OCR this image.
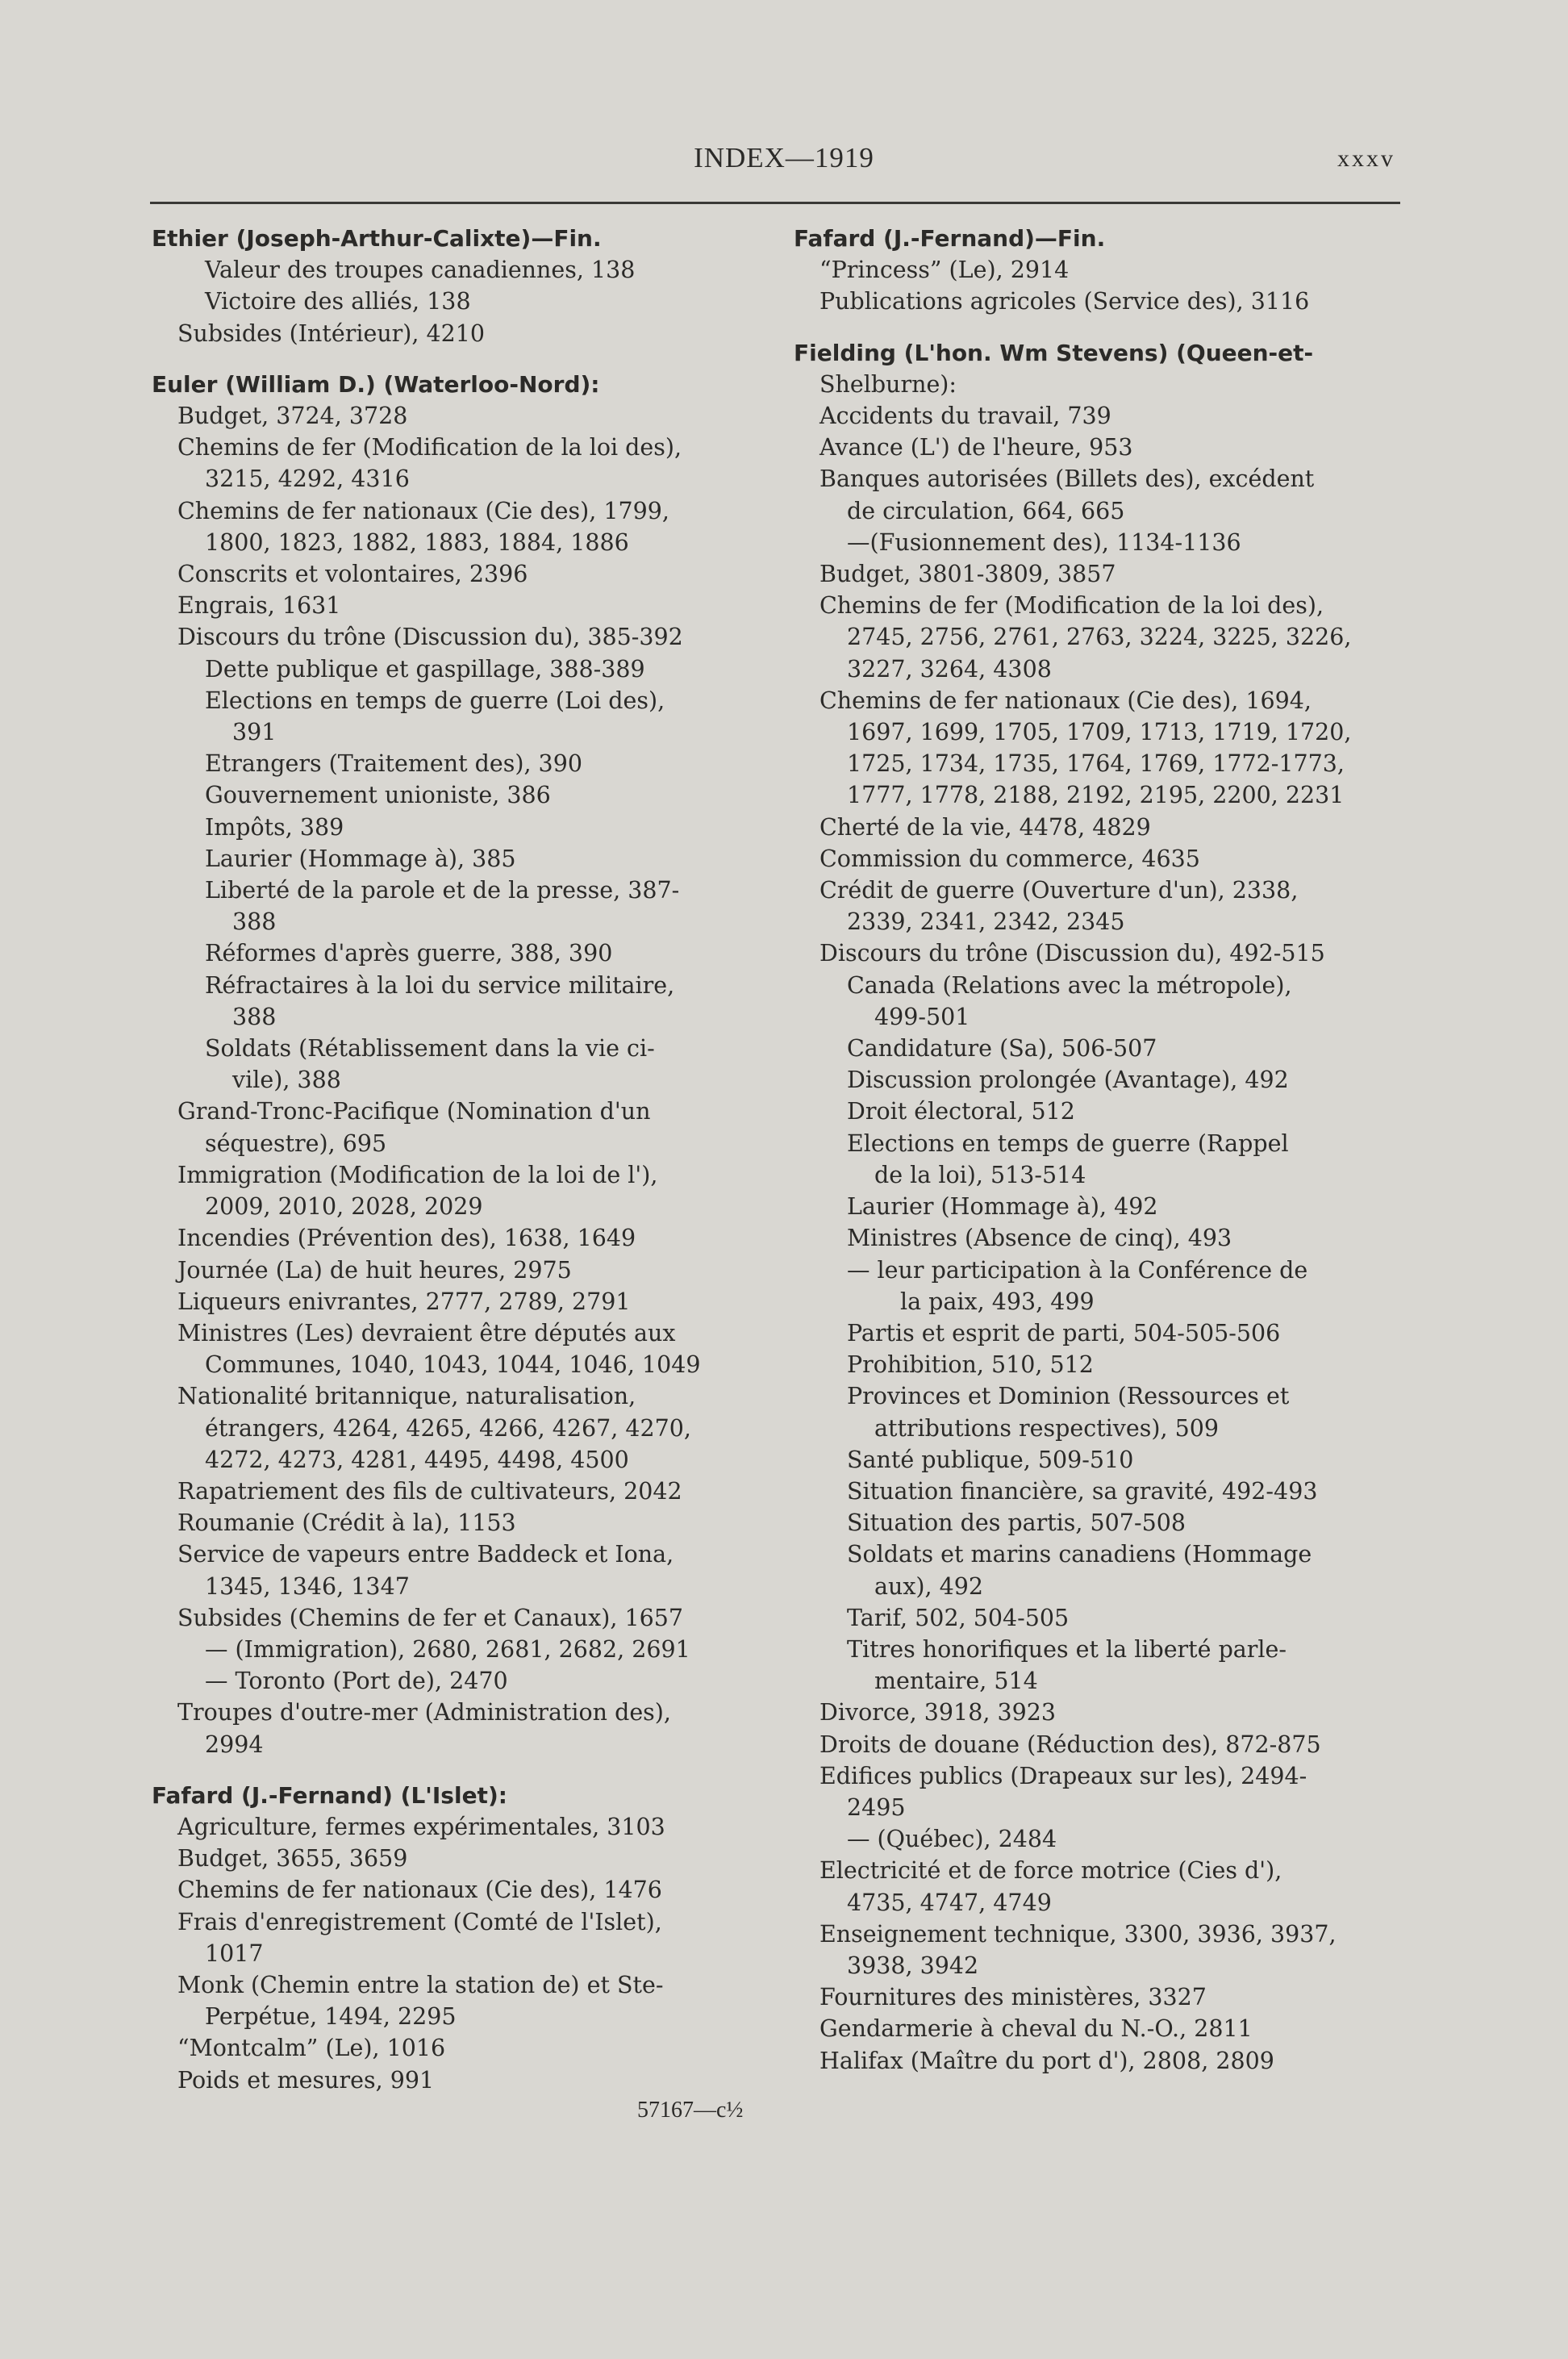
INDEX—1919	xxxv
Ethier (Joseph-Arthur-Calixte)—Fin.
Valeur des troupes canadiennes, 138
Victoire des alliés, 138
Subsides (Intérieur), 4210
Euler (William D.) (Waterloo-Nord):
Budget, 3724, 3728
Chemins de fer (Modification de la loi des),
3215, 4292, 4316
Chemins de fer nationaux (Cie des), 1799,
1800, 1823, 1882, 1883, 1884, 1886
Conscrits et volontaires, 2396
Engrais, 1631
Discours du trône (Discussion du), 385-392
Dette publique et gaspillage, 388-389
Elections en temps de guerre (Loi des),
391
Etrangers (Traitement des), 390
Gouvernement unioniste, 386
Impôts, 389
Laurier (Hommage à), 385
Liberté de la parole et de la presse, 387-
388
Réformes d'après guerre, 388, 390
Réfractaires à la loi du service militaire,
388
Soldats (Rétablissement dans la vie ci-
vile), 388
Grand-Tronc-Pacifique (Nomination d'un
séquestre), 695
Immigration (Modification de la loi de l'),
2009, 2010, 2028, 2029
Incendies (Prévention des), 1638, 1649
Journée (La) de huit heures, 2975
Liqueurs enivrantes, 2777, 2789, 2791
Ministres (Les) devraient être députés aux
Communes, 1040, 1043, 1044, 1046, 1049
Nationalité britannique, naturalisation,
étrangers, 4264, 4265, 4266, 4267, 4270,
4272, 4273, 4281, 4495, 4498, 4500
Rapatriement des fils de cultivateurs, 2042
Roumanie (Crédit à la), 1153
Service de vapeurs entre Baddeck et Iona,
1345, 1346, 1347
Subsides (Chemins de fer et Canaux), 1657
— (Immigration), 2680, 2681, 2682, 2691
— Toronto (Port de), 2470
Troupes d'outre-mer (Administration des),
2994
Fafard (J.-Fernand) (L'Islet):
Agriculture, fermes expérimentales, 3103
Budget, 3655, 3659
Chemins de fer nationaux (Cie des), 1476
Frais d'enregistrement (Comté de l'Islet),
1017
Monk (Chemin entre la station de) et Ste-
Perpétue, 1494, 2295
“Montcalm” (Le), 1016
Poids et mesures, 991
Fafard (J.-Fernand)—Fin.
“Princess” (Le), 2914
Publications agricoles (Service des), 3116
Fielding (L'hon. Wm Stevens) (Queen-et-
Shelburne):
Accidents du travail, 739
Avance (L') de l'heure, 953
Banques autorisées (Billets des), excédent
de circulation, 664, 665
—(Fusionnement des), 1134-1136
Budget, 3801-3809, 3857
Chemins de fer (Modification de la loi des),
2745, 2756, 2761, 2763, 3224, 3225, 3226,
3227, 3264, 4308
Chemins de fer nationaux (Cie des), 1694,
1697, 1699, 1705, 1709, 1713, 1719, 1720,
1725, 1734, 1735, 1764, 1769, 1772-1773,
1777, 1778, 2188, 2192, 2195, 2200, 2231
Cherté de la vie, 4478, 4829
Commission du commerce, 4635
Crédit de guerre (Ouverture d'un), 2338,
2339, 2341, 2342, 2345
Discours du trône (Discussion du), 492-515
Canada (Relations avec la métropole),
499-501
Candidature (Sa), 506-507
Discussion prolongée (Avantage), 492
Droit électoral, 512
Elections en temps de guerre (Rappel
de la loi), 513-514
Laurier (Hommage à), 492
Ministres (Absence de cinq), 493
— leur participation à la Conférence de
la paix, 493, 499
Partis et esprit de parti, 504-505-506
Prohibition, 510, 512
Provinces et Dominion (Ressources et
attributions respectives), 509
Santé publique, 509-510
Situation financière, sa gravité, 492-493
Situation des partis, 507-508
Soldats et marins canadiens (Hommage
aux), 492
Tarif, 502, 504-505
Titres honorifiques et la liberté parle-
mentaire, 514
Divorce, 3918, 3923
Droits de douane (Réduction des), 872-875
Edifices publics (Drapeaux sur les), 2494-
2495
— (Québec), 2484
Electricité et de force motrice (Cies d'),
4735, 4747, 4749
Enseignement technique, 3300, 3936, 3937,
3938, 3942
Fournitures des ministères, 3327
Gendarmerie à cheval du N.-O., 2811
Halifax (Maître du port d'), 2808, 2809
57167—c½
